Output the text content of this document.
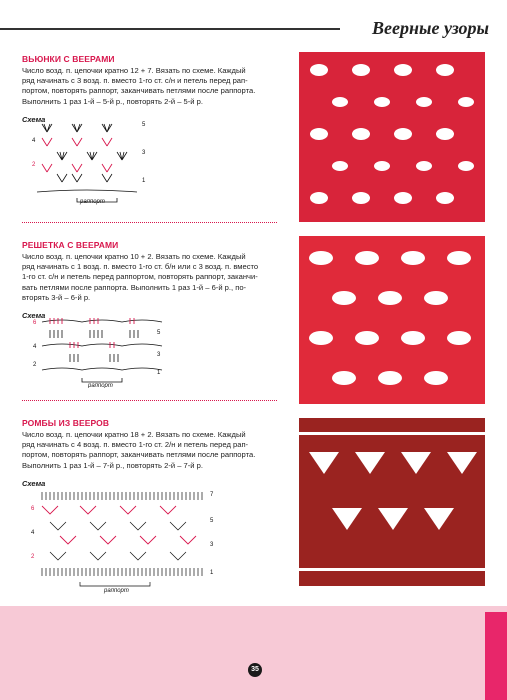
Веерные узоры
ВЬЮНКИ С ВЕЕРАМИ
Число возд. п. цепочки кратно 12 + 7. Вязать по схеме. Каждый
ряд начинать с 3 возд. п. вместо 1-го ст. с/н и петель перед рап-
портом, повторять раппорт, заканчивать петлями после раппорта.
Выполнить 1 раз 1-й – 5-й р., повторять 2-й – 5-й р.
Схема
4
2
5
3
1
раппорт
РЕШЕТКА С ВЕЕРАМИ
Число возд. п. цепочки кратно 10 + 2. Вязать по схеме. Каждый
ряд начинать с 1 возд. п. вместо 1-го ст. б/н или с 3 возд. п. вместо
1-го ст. с/н и петель перед раппортом, повторять раппорт, заканчи-
вать петлями после раппорта. Выполнить 1 раз 1-й – 6-й р., по-
вторять 3-й – 6-й р.
Схема
6
4
2
5
3
1
раппорт
РОМБЫ ИЗ ВЕЕРОВ
Число возд. п. цепочки кратно 18 + 2. Вязать по схеме. Каждый
ряд начинать с 4 возд. п. вместо 1-го ст. 2/н и петель перед рап-
портом, повторять раппорт, заканчивать петлями после раппорта.
Выполнить 1 раз 1-й – 7-й р., повторять 2-й – 7-й р.
Схема
6
4
2
7
5
3
1
раппорт
35
